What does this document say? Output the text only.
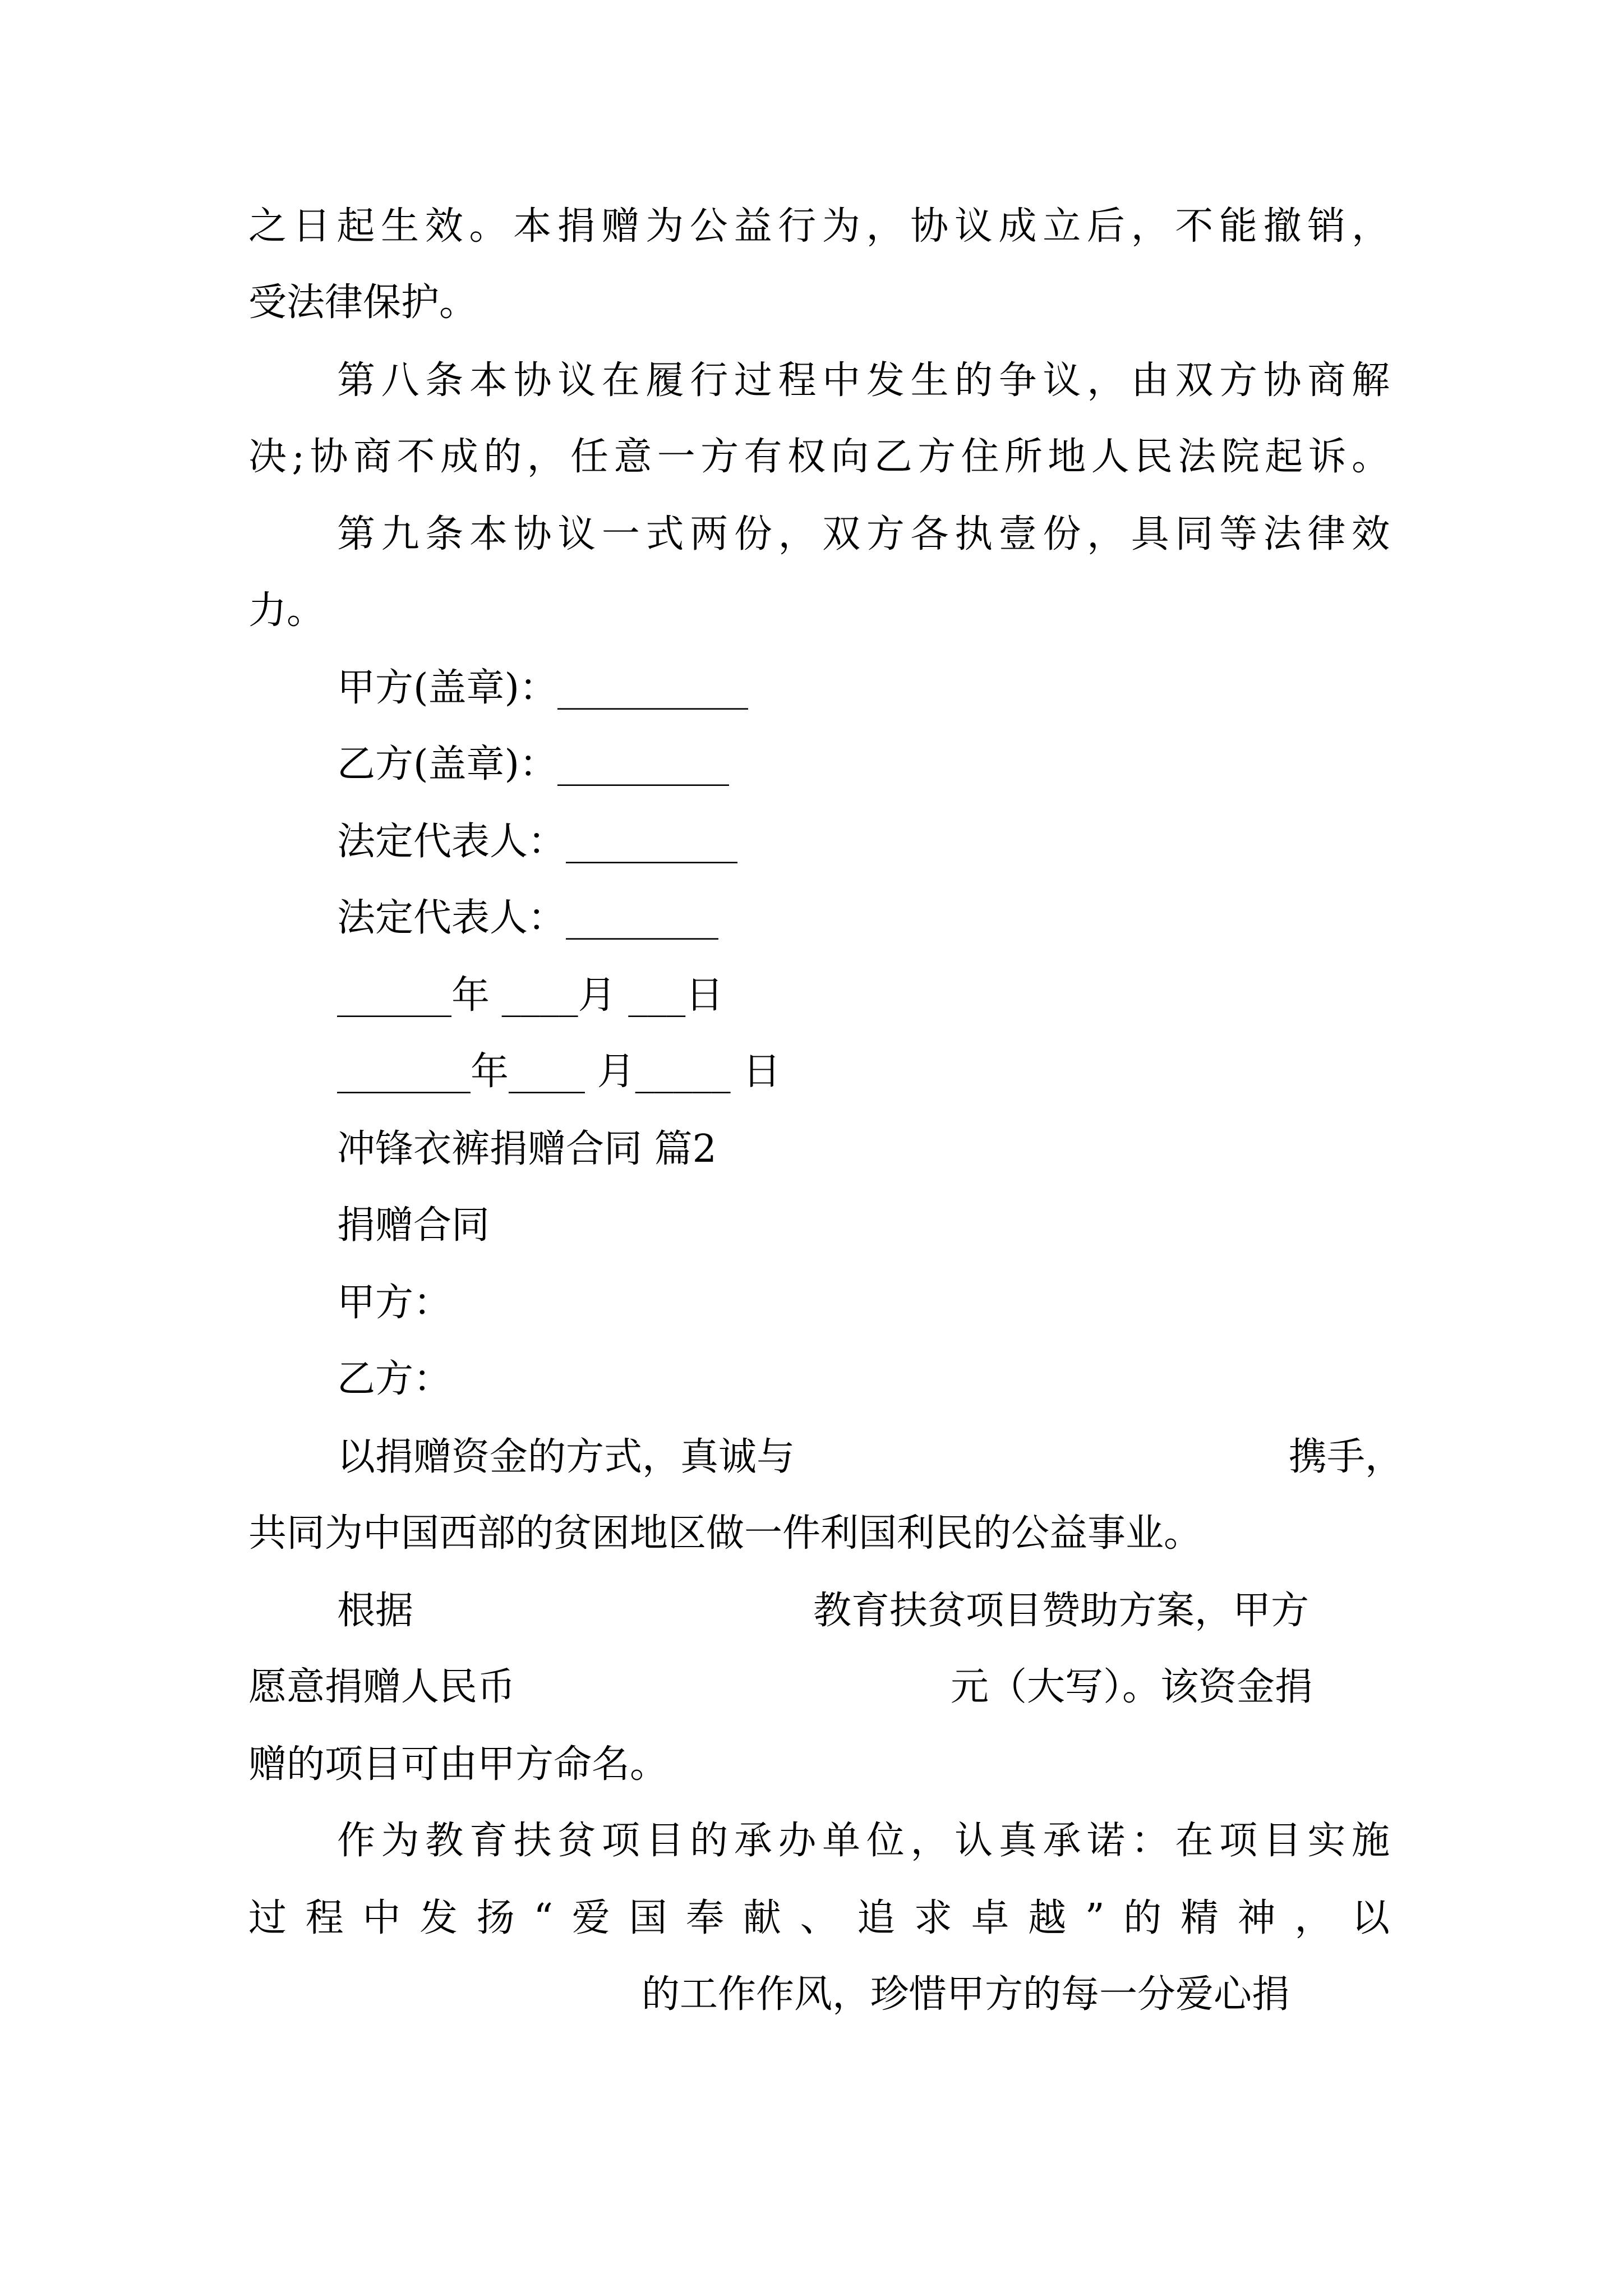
之日起生效。本捐赠为公益行为，协议成立后，不能撤销，

受法律保护。

第八条本协议在履行过程中发生的争议，由双方协商解

决;协商不成的，任意一方有权向乙方住所地人民法院起诉。

第九条本协议一式两份，双方各执壹份，具同等法律效

力。

甲方(盖章)：__________

乙方(盖章)：_________

法定代表人：_________

法定代表人：________

______年 ____月 ___日

_______年____ 月_____ 日

冲锋衣裤捐赠合同 篇2

捐赠合同

甲方：

乙方：

以捐赠资金的方式，真诚与	携手，

共同为中国西部的贫困地区做一件利国利民的公益事业。

根据	教育扶贫项目赞助方案，甲方

愿意捐赠人民币	元（大写）。该资金捐

赠的项目可由甲方命名。

作为教育扶贫项目的承办单位，认真承诺：在项目实施

过程中发扬“爱国奉献、追求卓越”的精神，以

的工作作风，珍惜甲方的每一分爱心捐
